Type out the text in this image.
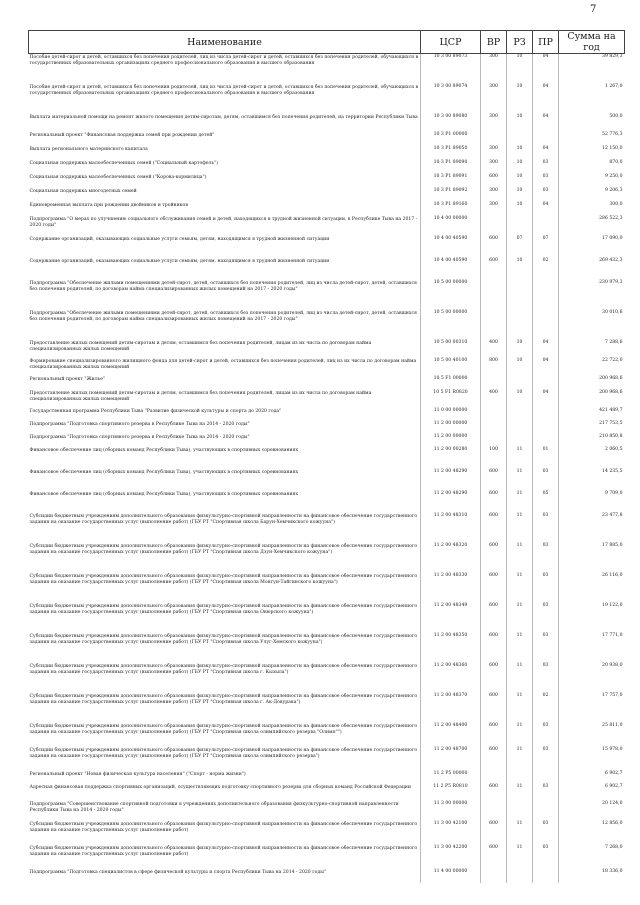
7
Наименование	ЦСР	ВР	РЗ	ПР	Сумма на год
Пособие детей-сирот и детей, оставшихся без попечения родителей, лиц из числа детей-сирот и детей, оставшихся без попечения родителей, обучающихся в государственных образовательных организациях среднего профессионального образования и высшего образования	10 3 00 89073	300	10	04	39 829,3
Пособие детей-сирот и детей, оставшихся без попечения родителей, лиц из числа детей-сирот и детей, оставшихся без попечения родителей, обучающихся в государственных образовательных организациях среднего профессионального образования и высшего образования	10 3 00 89074	300	10	04	1 267,0
Выплата материальной помощи на ремонт жилого помещения детям-сиротам, детям, оставшимся без попечения родителей, на территории Республики Тыва	10 3 00 89080	300	10	04	500,0
Региональный проект "Финансовая поддержка семей при рождении детей"	10 3 P1 00000				52 776,3
Выплата регионального материнского капитала	10 3 P1 89050	300	10	04	12 150,0
Социальная поддержка малообеспеченных семей ("Социальный картофель")	10 3 P1 89090	300	10	03	870,0
Социальная поддержка малообеспеченных семей ("Корова-кормилица")	10 3 P1 89091	600	10	03	9 250,0
Социальная поддержка многодетных семей	10 3 P1 89092	300	10	03	9 206,3
Единовременная выплата при рождении двойников и тройников	10 3 P1 89160	300	10	04	300,0
Подпрограмма "О мерах по улучшению социального обслуживания семей и детей, находящихся в трудной жизненной ситуации, в Республике Тыва на 2017 - 2020 годы"	10 4 00 00000				286 522,3
Содержание организаций, оказывающих социальные услуги семьям, детям, находящимся в трудной жизненной ситуации	10 4 00 40590	600	07	07	17 090,0
Содержание организаций, оказывающих социальные услуги семьям, детям, находящимся в трудной жизненной ситуации	10 4 00 40590	600	10	02	269 432,3
Подпрограмма "Обеспечение жилыми помещениями детей-сирот, детей, оставшихся без попечения родителей, лиц из числа детей-сирот, детей, оставшихся без попечения родителей, по договорам найма специализированных жилых помещений на 2017 - 2020 годы"	10 5 00 00000				230 979,3
Подпрограмма "Обеспечение жилыми помещениями детей-сирот, детей, оставшихся без попечения родителей, лиц из числа детей-сирот, детей, оставшихся без попечения родителей, по договорам найма специализированных жилых помещений на 2017 - 2020 годы"	10 5 00 00000				30 010,6
Предоставление жилых помещений детям-сиротам и детям, оставшимся без попечения родителей, лицам из их числа по договорам найма специализированных жилых помещений	10 5 00 00310	400	10	04	7 288,6
Формирование специализированного жилищного фонда для детей-сирот и детей, оставшихся без попечения родителей, лиц из их числа по договорам найма специализированных жилых помещений	10 5 00 40100	800	10	04	22 722,0
Региональный проект "Жилье"	10 5 F1 00000				200 968,6
Предоставление жилых помещений детям-сиротам и детям, оставшимся без попечения родителей, лицам из их числа по договорам найма специализированных жилых помещений	10 5 F1 R0820	400	10	04	200 968,6
Государственная программа Республики Тыва "Развитие физической культуры и спорта до 2020 года"	11 0 00 00000				421 489,7
Подпрограмма "Подготовка спортивного резерва в Республике Тыва на 2014 - 2020 годы"	11 2 00 00000				217 753,5
Подпрограмма "Подготовка спортивного резерва в Республике Тыва на 2014 - 2020 годы"	11 2 00 00000				210 850,8
Финансовое обеспечение лиц (сборных команд Республики Тыва), участвующих в спортивных соревнованиях	11 2 00 00280	100	11	01	2 060,5
Финансовое обеспечение лиц (сборных команд Республики Тыва), участвующих в спортивных соревнованиях	11 2 00 48290	600	11	03	14 235,5
Финансовое обеспечение лиц (сборных команд Республики Тыва), участвующих в спортивных соревнованиях	11 2 00 48290	600	11	05	9 709,0
Субсидии бюджетным учреждениям дополнительного образования физкультурно-спортивной направленности на финансовое обеспечение государственного задания на оказание государственных услуг (выполнение работ) (ГБУ РТ "Спортивная школа Барун-Хемчикского кожууна")	11 2 00 48310	600	11	03	23 477,8
Субсидии бюджетным учреждениям дополнительного образования физкультурно-спортивной направленности на финансовое обеспечение государственного задания на оказание государственных услуг (выполнение работ) (ГБУ РТ "Спортивная школа Дзун-Хемчикского кожууна")	11 2 00 48320	600	11	03	17 885,0
Субсидии бюджетным учреждениям дополнительного образования физкультурно-спортивной направленности на финансовое обеспечение государственного задания на оказание государственных услуг (выполнение работ) (ГБУ РТ "Спортивная школа Монгун-Тайгинского кожууна")	11 2 00 48330	600	11	03	26 116,0
Субсидии бюджетным учреждениям дополнительного образования физкультурно-спортивной направленности на финансовое обеспечение государственного задания на оказание государственных услуг (выполнение работ) (ГБУ РТ "Спортивная школа Овюрского кожууна")	11 2 00 48349	600	11	03	19 122,0
Субсидии бюджетным учреждениям дополнительного образования физкультурно-спортивной направленности на финансовое обеспечение государственного задания на оказание государственных услуг (выполнение работ) (ГБУ РТ "Спортивная школа Улуг-Хемского кожууна")	11 2 00 48350	600	11	03	17 771,0
Субсидии бюджетным учреждениям дополнительного образования физкультурно-спортивной направленности на финансовое обеспечение государственного задания на оказание государственных услуг (выполнение работ) (ГБУ РТ "Спортивная школа г. Кызыла")	11 2 00 48360	600	11	03	20 938,0
Субсидии бюджетным учреждениям дополнительного образования физкультурно-спортивной направленности на финансовое обеспечение государственного задания на оказание государственных услуг (выполнение работ) (ГБУ РТ "Спортивная школа г. Ак-Довурака")	11 2 00 48370	600	11	02	17 757,0
Субсидии бюджетным учреждениям дополнительного образования физкультурно-спортивной направленности на финансовое обеспечение государственного задания на оказание государственных услуг (выполнение работ) (ГБУ РТ "Спортивная школа олимпийского резерва "Олимп"")	11 2 00 48400	600	11	03	25 811,0
Субсидии бюджетным учреждениям дополнительного образования физкультурно-спортивной направленности на финансовое обеспечение государственного задания на оказание государственных услуг (выполнение работ) (ГБУ РТ "Спортивная школа олимпийского резерва")	11 2 00 48700	600	11	03	15 978,0
Региональный проект "Новая физическая культура населения" ("Спорт - норма жизни")	11 2 P5 00000				6 902,7
Адресная финансовая поддержка спортивных организаций, осуществляющих подготовку спортивного резерва для сборных команд Российской Федерации	11 2 P5 R0810	600	11	03	6 902,7
Подпрограмма "Совершенствование спортивной подготовки в учреждениях дополнительного образования физкультурно-спортивной направленности Республики Тыва на 2014 - 2020 годы"	11 3 00 00000				20 124,0
Субсидии бюджетным учреждениям дополнительного образования физкультурно-спортивной направленности на финансовое обеспечение государственного задания на оказание государственных услуг (выполнение работ)	11 3 00 42100	600	11	03	12 856,0
Субсидии бюджетным учреждениям дополнительного образования физкультурно-спортивной направленности на финансовое обеспечение государственного задания на оказание государственных услуг (выполнение работ)	11 3 00 42200	600	11	03	7 268,0
Подпрограмма "Подготовка специалистов в сфере физической культуры и спорта Республики Тыва на 2014 - 2020 годы"	11 4 00 00000				18 336,0
